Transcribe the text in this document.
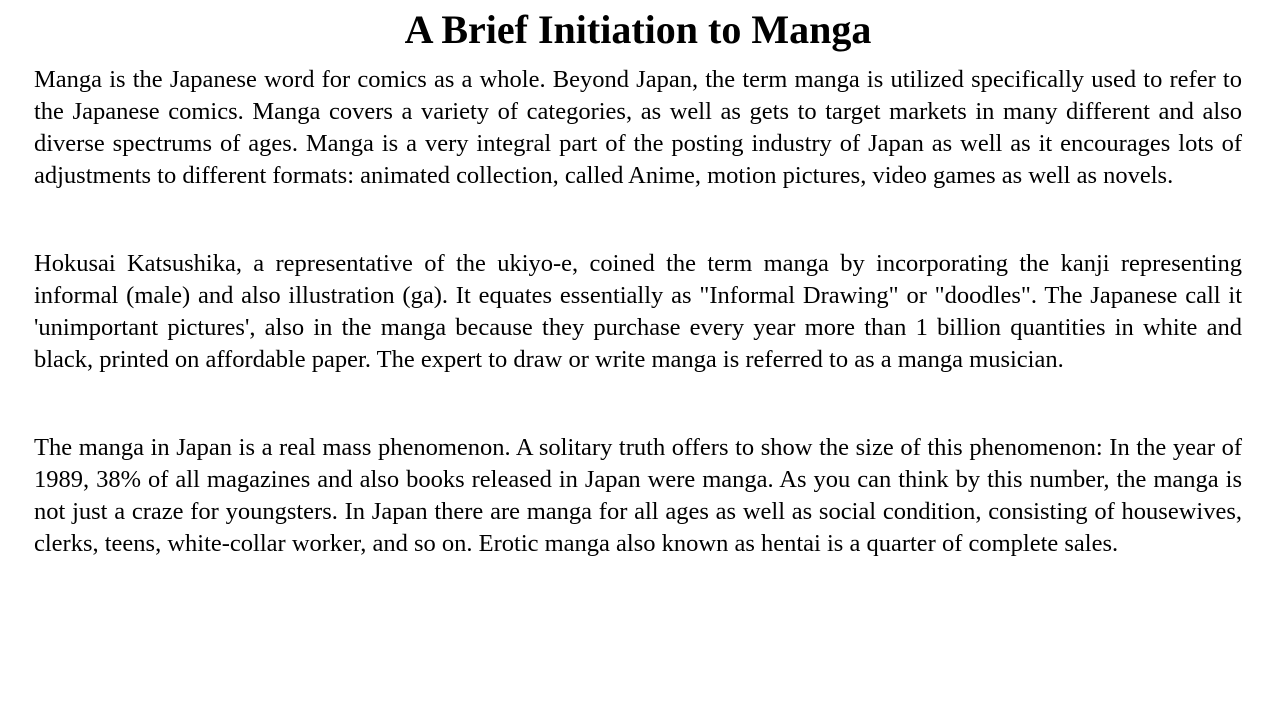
A Brief Initiation to Manga

Manga is the Japanese word for comics as a whole. Beyond Japan, the term manga is utilized specifically used to refer to the Japanese comics. Manga covers a variety of categories, as well as gets to target markets in many different and also diverse spectrums of ages. Manga is a very integral part of the posting industry of Japan as well as it encourages lots of adjustments to different formats: animated collection, called Anime, motion pictures, video games as well as novels.

Hokusai Katsushika, a representative of the ukiyo-e, coined the term manga by incorporating the kanji representing informal (male) and also illustration (ga). It equates essentially as "Informal Drawing" or "doodles". The Japanese call it 'unimportant pictures', also in the manga because they purchase every year more than 1 billion quantities in white and black, printed on affordable paper. The expert to draw or write manga is referred to as a manga musician.

The manga in Japan is a real mass phenomenon. A solitary truth offers to show the size of this phenomenon: In the year of 1989, 38% of all magazines and also books released in Japan were manga. As you can think by this number, the manga is not just a craze for youngsters. In Japan there are manga for all ages as well as social condition, consisting of housewives, clerks, teens, white-collar worker, and so on. Erotic manga also known as hentai is a quarter of complete sales.
